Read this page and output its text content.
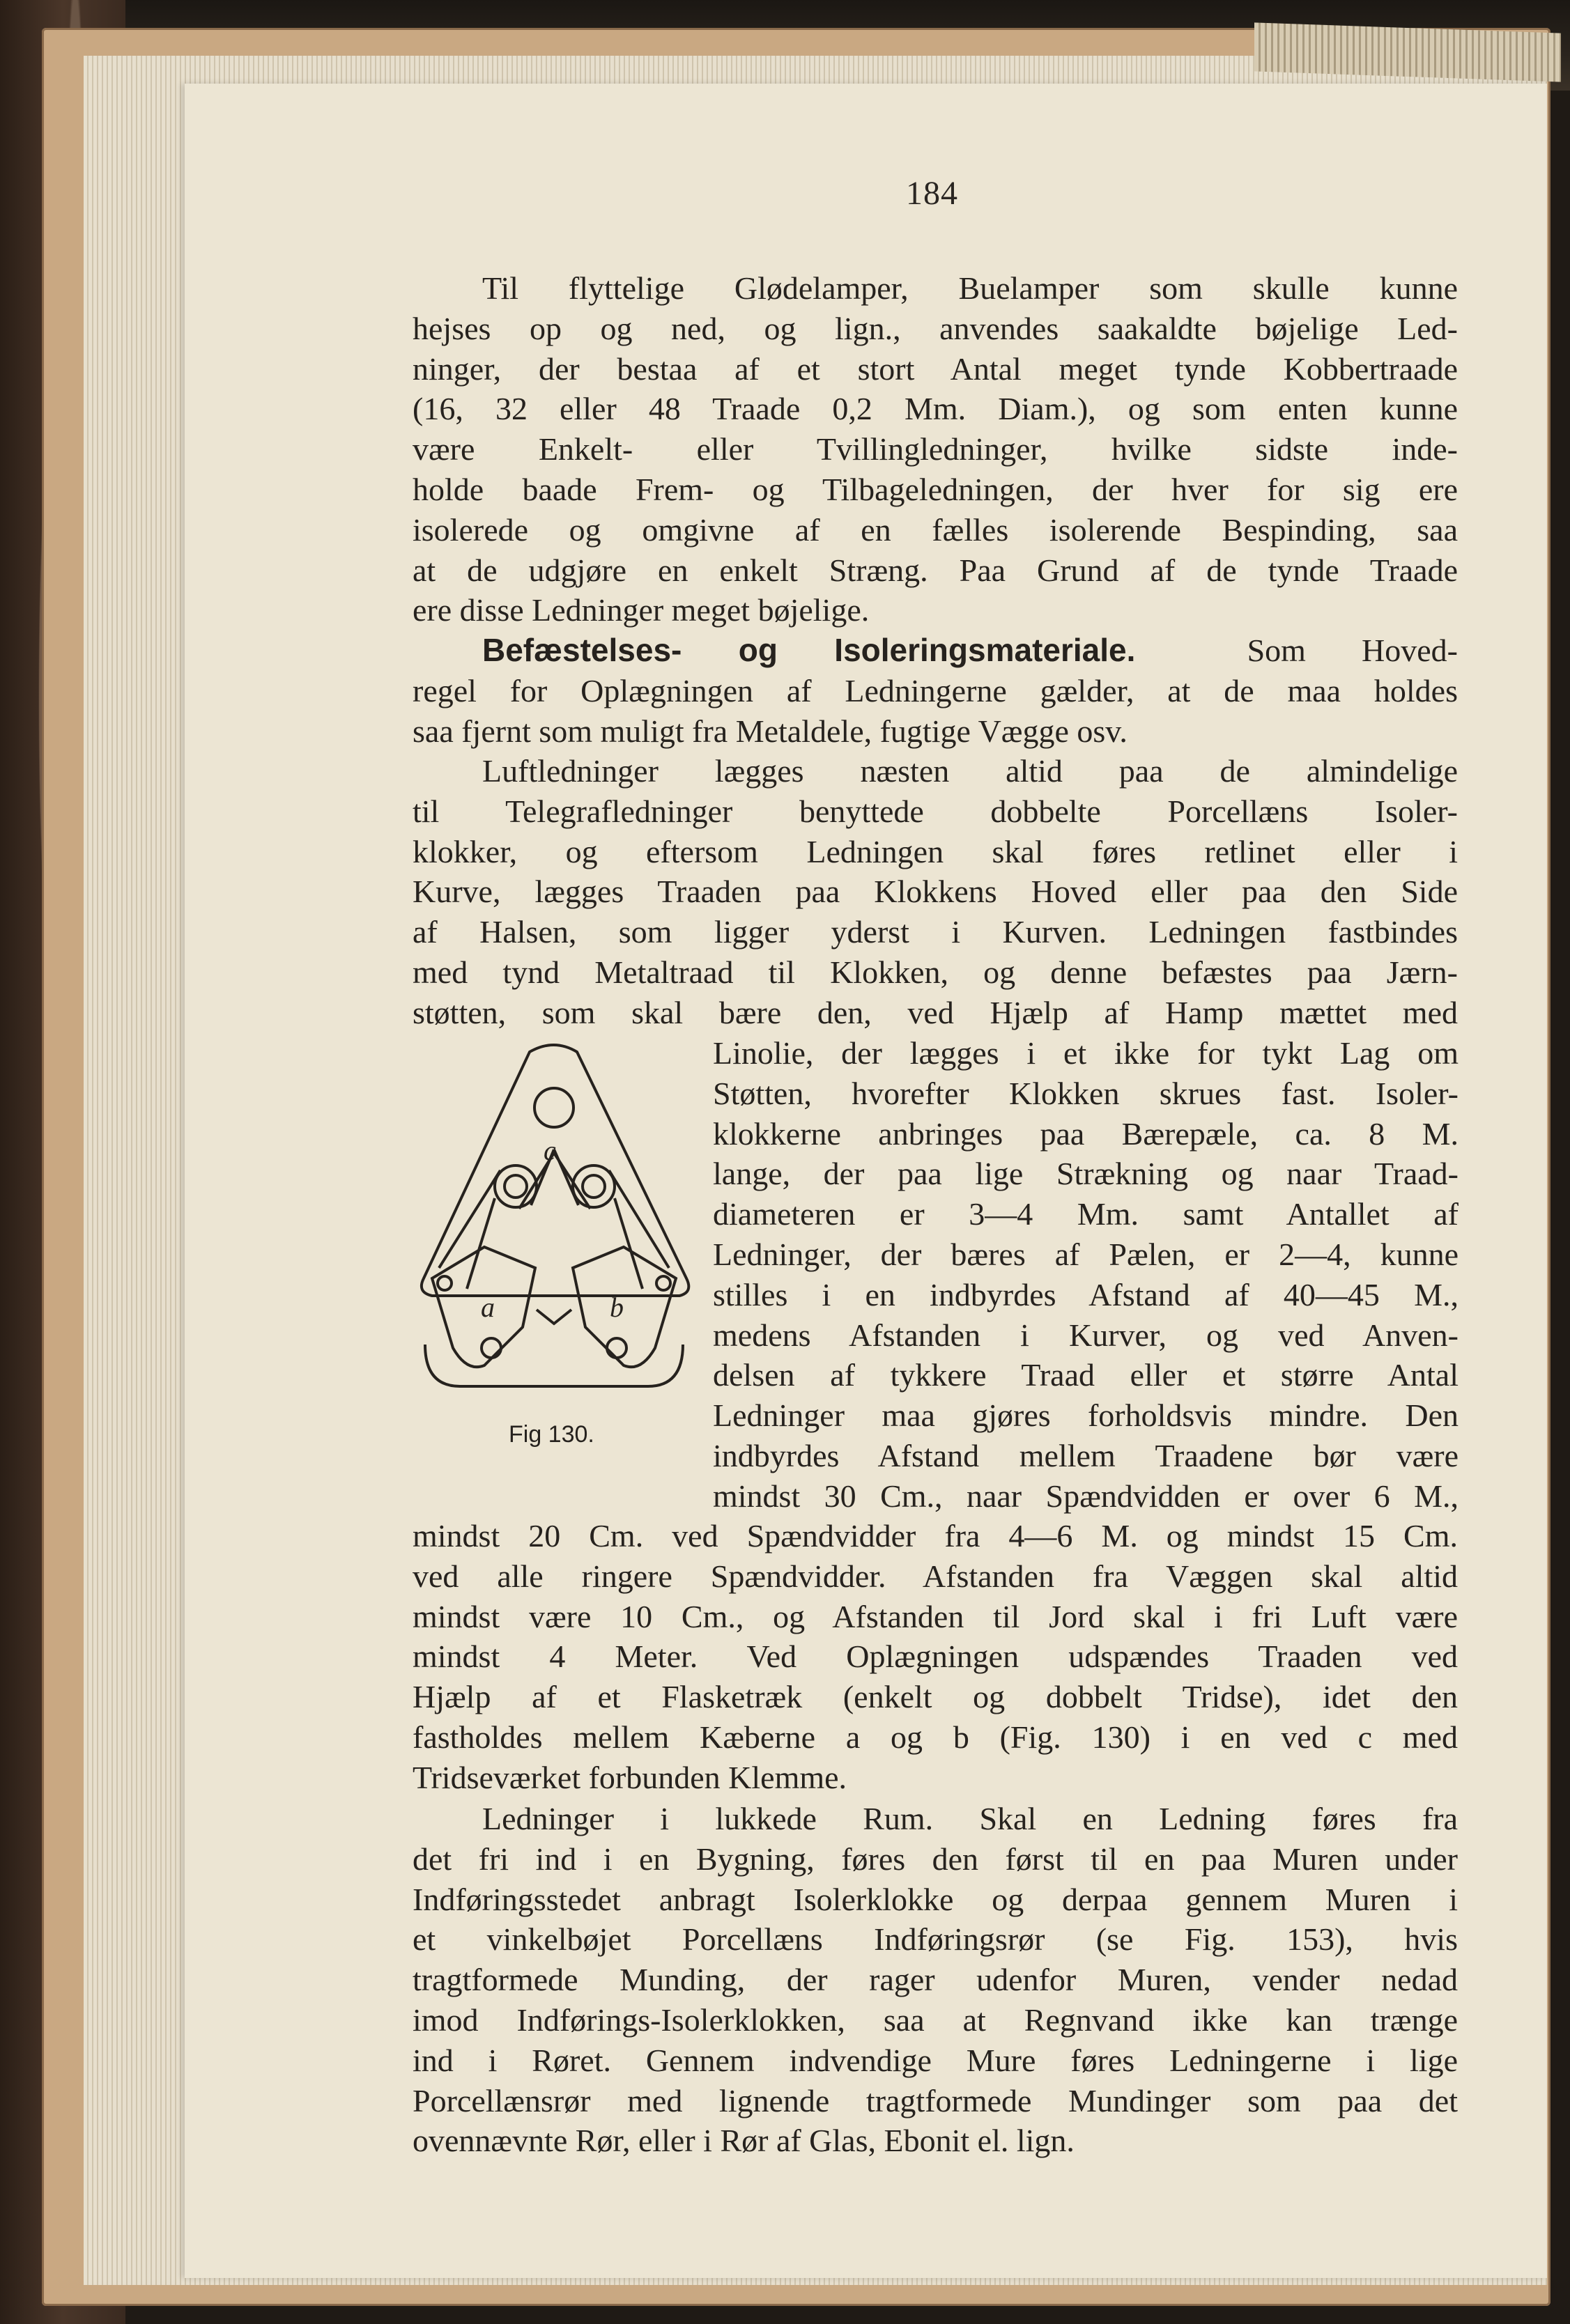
184

Til flyttelige Glødelamper, Buelamper som skulle kunne

hejses op og ned, og lign., anvendes saakaldte bøjelige Led-

ninger, der bestaa af et stort Antal meget tynde Kobbertraade

(16, 32 eller 48 Traade 0,2 Mm. Diam.), og som enten kunne

være Enkelt- eller Tvillingledninger, hvilke sidste inde-

holde baade Frem- og Tilbageledningen, der hver for sig ere

isolerede og omgivne af en fælles isolerende Bespinding, saa

at de udgjøre en enkelt Stræng. Paa Grund af de tynde Traade

ere disse Ledninger meget bøjelige.

Befæstelses- og Isoleringsmateriale.	Som Hoved-

regel for Oplægningen af Ledningerne gælder, at de maa holdes

saa fjernt som muligt fra Metaldele, fugtige Vægge osv.

Luftledninger lægges næsten altid paa de almindelige

til Telegrafledninger benyttede dobbelte Porcellæns Isoler-

klokker, og eftersom Ledningen skal føres retlinet eller i

Kurve, lægges Traaden paa Klokkens Hoved eller paa den Side

af Halsen, som ligger yderst i Kurven. Ledningen fastbindes

med tynd Metaltraad til Klokken, og denne befæstes paa Jærn-

støtten, som skal bære den, ved Hjælp af Hamp mættet med

Linolie, der lægges i et ikke for tykt Lag om

Støtten, hvorefter Klokken skrues fast. Isoler-

klokkerne anbringes paa Bærepæle, ca. 8 M.

lange, der paa lige Strækning og naar Traad-

diameteren er 3—4 Mm. samt Antallet af

Ledninger, der bæres af Pælen, er 2—4, kunne

stilles i en indbyrdes Afstand af 40—45 M.,

medens Afstanden i Kurver, og ved Anven-

delsen af tykkere Traad eller et større Antal

Ledninger maa gjøres forholdsvis mindre. Den

indbyrdes Afstand mellem Traadene bør være

mindst 30 Cm., naar Spændvidden er over 6 M.,

c
a	b
Fig 130.

mindst 20 Cm. ved Spændvidder fra 4—6 M. og mindst 15 Cm.

ved alle ringere Spændvidder. Afstanden fra Væggen skal altid

mindst være 10 Cm., og Afstanden til Jord skal i fri Luft være

mindst 4 Meter. Ved Oplægningen udspændes Traaden ved

Hjælp af et Flasketræk (enkelt og dobbelt Tridse), idet den

fastholdes mellem Kæberne a og b (Fig. 130) i en ved c med

Tridseværket forbunden Klemme.

Ledninger i lukkede Rum. Skal en Ledning føres fra

det fri ind i en Bygning, føres den først til en paa Muren under

Indføringsstedet anbragt Isolerklokke og derpaa gennem Muren i

et vinkelbøjet Porcellæns Indføringsrør (se Fig. 153), hvis

tragtformede Munding, der rager udenfor Muren, vender nedad

imod Indførings-Isolerklokken, saa at Regnvand ikke kan trænge

ind i Røret. Gennem indvendige Mure føres Ledningerne i lige

Porcellænsrør med lignende tragtformede Mundinger som paa det

ovennævnte Rør, eller i Rør af Glas, Ebonit el. lign.
